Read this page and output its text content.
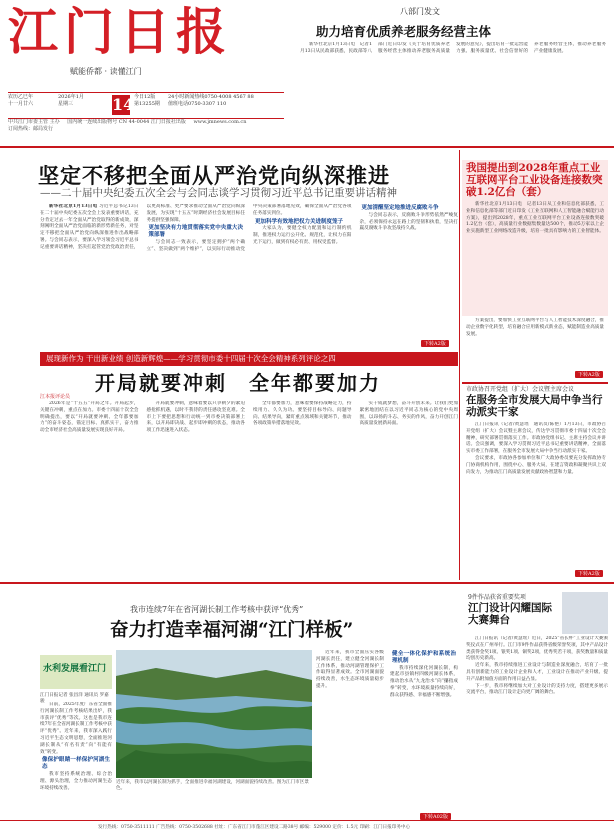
江门日报
赋能侨都 · 读懂江门
农历乙巳年
十一月廿六
2026年1月
星期三	14 今日12版
第13255期
24小时新闻热线0750-4008 4567 88
值班电话0750-3307 110
中共江门市委主管 主办 国内统一连续出版物号 CN 44-0044 江门日报社出版 www.jmnews.com.cn
订阅热线：邮局发行
八部门发文
助力培育优质养老服务经营主体

新华社北京1月13日电　记者1月13日从民政部获悉，民政部等八部门近日印发《关于培育优质养老服务经营主体推动养老服务高质量发展的意见》，提出培育一批运营能力强、服务质量优、社会信誉好的养老服务经营主体，推动养老服务产业健康发展。

坚定不移把全面从严治党向纵深推进
——二十届中央纪委五次全会与会同志谈学习贯彻习近平总书记重要讲话精神

新华社北京1月13日电 习近平总书记13日在二十届中央纪委五次全会上发表重要讲话，充分肯定过去一年全面从严治党取得的新成效，深刻阐明全面从严治党面临的新形势新任务，对坚定不移把全面从严治党向纵深推进作出战略部署。与会同志表示，要深入学习领会习近平总书记重要讲话精神，坚决扛起管党治党政治责任，以更高标准、更严要求推动全面从严治党向纵深发展，为实现“十五五”时期经济社会发展目标任务提供坚强保障。

更加坚决有力地贯彻落实党中央重大决策部署

与会同志一致表示，要坚定拥护“两个确立”、坚决做到“两个维护”，以实际行动推动党中央决策部署落地见效，确保全面从严治党各项任务落实到位。

更加科学有效地把权力关进制度笼子

大家认为，要健全权力配置和运行制约机制，推进权力运行公开化、规范化，让权力在阳光下运行，做到有权必有责、用权受监督。

更加清醒坚定地推进反腐败斗争

与会同志表示，反腐败斗争形势依然严峻复杂，必须保持永远在路上的坚韧和执着，坚决打赢反腐败斗争攻坚战持久战。

下转A2版
我国提出到2028年重点工业互联网平台工业设备连接数突破1.2亿台（套）

新华社北京1月13日电　记者13日从工业和信息化部获悉，工业和信息化部等部门近日印发《工业互联网和人工智能融合赋能行动方案》，提出到2028年，重点工业互联网平台工业设备连接数突破1.2亿台（套），高质量行业数据集数量达500个，推动5万家以上企业实施新型工业网络改造升级，培育一批具有影响力的工业智能体。

方案提出，要加快工业互联网平台与人工智能技术深度融合，推动企业数字化转型，培育融合应用新模式新业态，赋能制造业高质量发展。

下转A2版
展现新作为 干出新业绩 创造新辉煌——学习贯彻市委十四届十次全会精神系列评论之四
开局就要冲刺　全年都要加力
江本报评论员

2026年是“十五五”开局之年。开局起步，关键在冲刺，重点在加力。市委十四届十次全会明确提出，要以“开局就要冲刺、全年都要加力”的奋斗姿态，锚定目标、真抓实干，奋力推动全市经济社会高质量发展实现良好开局。

开局就要冲刺，意味着要以只争朝夕的紧迫感抢抓机遇，以时不我待的责任感攻坚克难。全市上下要把思想和行动统一到市委决策部署上来，以开局即决战、起步即冲刺的状态，推动各项工作迅速进入状态。

全年都要加力，意味着要保持战略定力，持续用力、久久为功。要坚持目标导向、问题导向、结果导向，紧盯重点领域和关键环节，推动各项政策举措落地见效。

实干成就梦想，奋斗开创未来。让我们更加紧密地团结在以习近平同志为核心的党中央周围，以昂扬的斗志、务实的作风，奋力开创江门高质量发展新局面。

市政协召开党组（扩大）会议暨主席会议
在服务全市发展大局中争当行动派实干家

江门日报讯（记者/黄慧瑶　通讯员/陈艳）1月13日，市政协召开党组（扩大）会议暨主席会议，传达学习贯彻市委十四届十次全会精神，研究部署贯彻落实工作。市政协党组书记、主席主持会议并讲话。会议强调，要深入学习贯彻习近平总书记重要讲话精神，全面落实市委工作部署，在服务全市发展大局中争当行动派实干家。

会议要求，市政协各参加单位和广大政协委员要充分发挥政协专门协商机构作用，围绕中心、服务大局，在建言资政和凝聚共识上双向发力，为推动江门高质量发展贡献政协智慧和力量。

下转A2版
我市连续7年在省河湖长制工作考核中获评“优秀”
奋力打造幸福河湖“江门样板”
水利发展看江门
江门日报记者 张昌洋 通讯员 罗嘉骏

日前，2025年度广东省全面推行河湖长制工作考核结果出炉，我市获评“优秀”等次。这也是我市连续7年在全省河湖长制工作考核中获评“优秀”。近年来，我市深入践行习近平生态文明思想，全面推进河湖长制从“有名有责”向“有能有效”转变。

像保护眼睛一样保护河湖生态

我市坚持系统治理、综合治理、源头治理，全力推动河湖生态环境持续改善。

近年来，我市以河湖长制为抓手，全面推进幸福河湖建设，河湖面貌持续改善。图为江门市区景色。

近年来，我市全面压实各级河湖长责任，建立健全河湖长制工作体系，推动河湖管理保护工作取得显著成效。全市河湖面貌持续改善，水生态环境质量稳步提升。

健全一体化保护和系统治理机制

我市持续深化河湖长制，构建起市县镇村四级河湖长体系，推动治水从“九龙治水”向“攥指成拳”转变，水环境质量持续向好，群众获得感、幸福感不断增强。

下转A02版
9件作品获省重要奖项
江门设计闪耀国际大赛舞台

江门日报讯（记者/黄慧瑶）近日，2025“省长杯”工业设计大赛颁奖仪式在广州举行。江门市9件作品获得省级荣誉奖项，其中产品设计类获得金奖1项、银奖1项、铜奖2项，优秀奖若干项，获奖数量和质量均创历史新高。

近年来，我市持续推进工业设计与制造业深度融合，培育了一批具有创新能力的工业设计企业和人才，工业设计在推动产业升级、提升产品附加值方面的作用日益凸显。

下一步，我市将继续加大对工业设计的支持力度，搭建更多展示交流平台，推动江门设计走向更广阔的舞台。

发行热线：0750-3511111 广告热线：0750-3502688 社址：广东省江门市蓬江区建设二路38号 邮编：529000 定价：1.5元 印刷：江门日报印务中心
